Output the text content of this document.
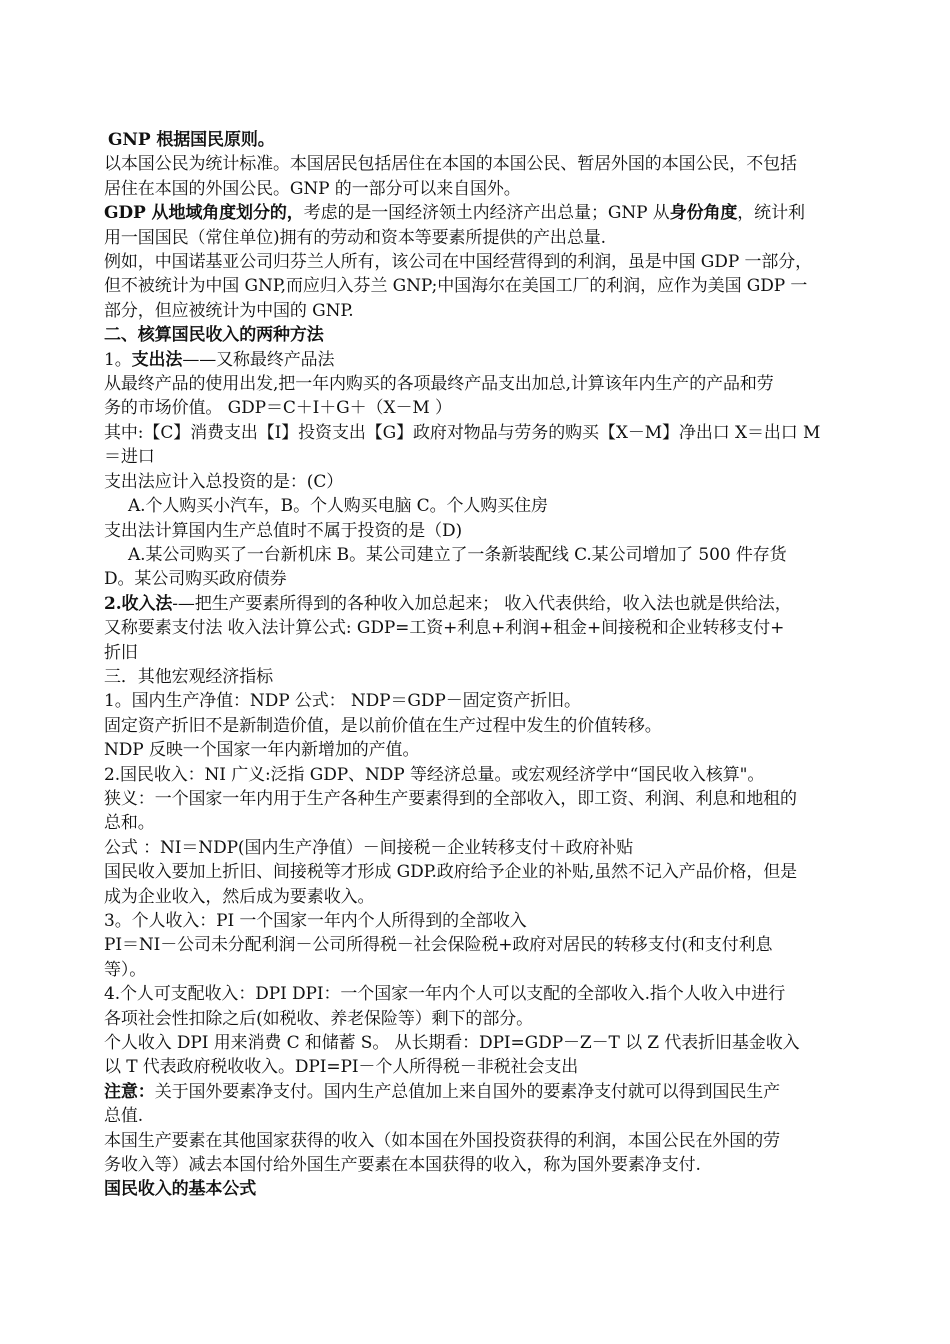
GNP 根据国民原则。
以本国公民为统计标准。本国居民包括居住在本国的本国公民、暂居外国的本国公民，不包括
居住在本国的外国公民。GNP 的一部分可以来自国外。
GDP 从地域角度划分的，考虑的是一国经济领土内经济产出总量；GNP 从身份角度，统计利
用一国国民（常住单位)拥有的劳动和资本等要素所提供的产出总量.
例如，中国诺基亚公司归芬兰人所有，该公司在中国经营得到的利润，虽是中国 GDP 一部分，
但不被统计为中国 GNP,而应归入芬兰 GNP;中国海尔在美国工厂的利润，应作为美国 GDP 一
部分，但应被统计为中国的 GNP.
二、核算国民收入的两种方法
1。支出法——又称最终产品法
从最终产品的使用出发,把一年内购买的各项最终产品支出加总,计算该年内生产的产品和劳
务的市场价值。 GDP＝C＋I＋G＋（X－M ）
其中:【C】消费支出【I】投资支出【G】政府对物品与劳务的购买【X－M】净出口 X＝出口 M
＝进口
支出法应计入总投资的是：(C）
A.个人购买小汽车，B。个人购买电脑 C。个人购买住房
支出法计算国内生产总值时不属于投资的是（D)
A.某公司购买了一台新机床 B。某公司建立了一条新装配线 C.某公司增加了 500 件存货
D。某公司购买政府债券
2.收入法-—把生产要素所得到的各种收入加总起来； 收入代表供给，收入法也就是供给法，
又称要素支付法 收入法计算公式: GDP=工资+利息+利润+租金+间接税和企业转移支付+
折旧
三．其他宏观经济指标
1。国内生产净值：NDP 公式： NDP＝GDP－固定资产折旧。
固定资产折旧不是新制造价值，是以前价值在生产过程中发生的价值转移。
NDP 反映一个国家一年内新增加的产值。
2.国民收入：NI 广义:泛指 GDP、NDP 等经济总量。或宏观经济学中“国民收入核算"。
狭义：一个国家一年内用于生产各种生产要素得到的全部收入，即工资、利润、利息和地租的
总和。
公式 ：NI＝NDP(国内生产净值）－间接税－企业转移支付＋政府补贴
国民收入要加上折旧、间接税等才形成 GDP.政府给予企业的补贴,虽然不记入产品价格，但是
成为企业收入，然后成为要素收入。
3。个人收入：PI 一个国家一年内个人所得到的全部收入
PI＝NI－公司未分配利润－公司所得税－社会保险税+政府对居民的转移支付(和支付利息
等）。
4.个人可支配收入：DPI DPI：一个国家一年内个人可以支配的全部收入.指个人收入中进行
各项社会性扣除之后(如税收、养老保险等）剩下的部分。
个人收入 DPI 用来消费 C 和储蓄 S。 从长期看：DPI=GDP－Z－T 以 Z 代表折旧基金收入
以 T 代表政府税收收入。DPI=PI－个人所得税－非税社会支出
注意：关于国外要素净支付。国内生产总值加上来自国外的要素净支付就可以得到国民生产
总值.
本国生产要素在其他国家获得的收入（如本国在外国投资获得的利润，本国公民在外国的劳
务收入等）减去本国付给外国生产要素在本国获得的收入，称为国外要素净支付.
国民收入的基本公式
